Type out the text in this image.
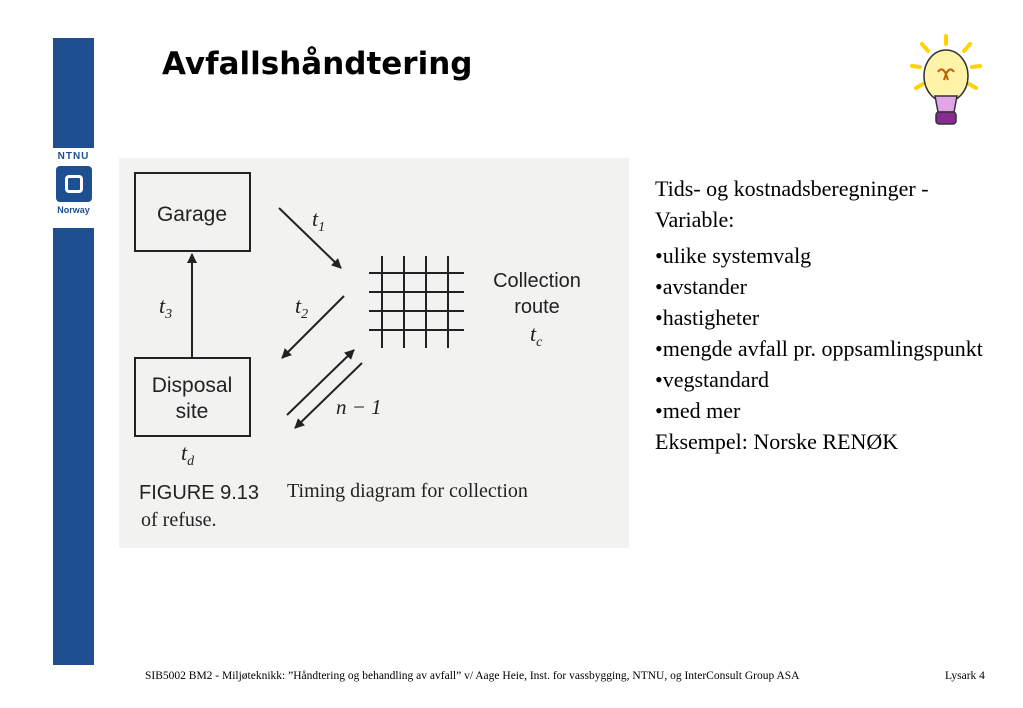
NTNU
Norway
Avfallshåndtering
Garage
Disposal
site
$t_3$
$t_d$
$t_1$
$t_2$
n − 1
Collection
route
$t_c$
FIGURE 9.13 Timing diagram for collection
of refuse.

Tids- og kostnadsberegninger - Variable:

•ulike systemvalg

•avstander

•hastigheter

•mengde avfall pr. oppsamlingspunkt

•vegstandard

•med mer

Eksempel: Norske RENØK

SIB5002 BM2 - Miljøteknikk: ”Håndtering og behandling av avfall” v/ Aage Heie, Inst. for vassbygging, NTNU, og InterConsult Group ASA	Lysark 4
